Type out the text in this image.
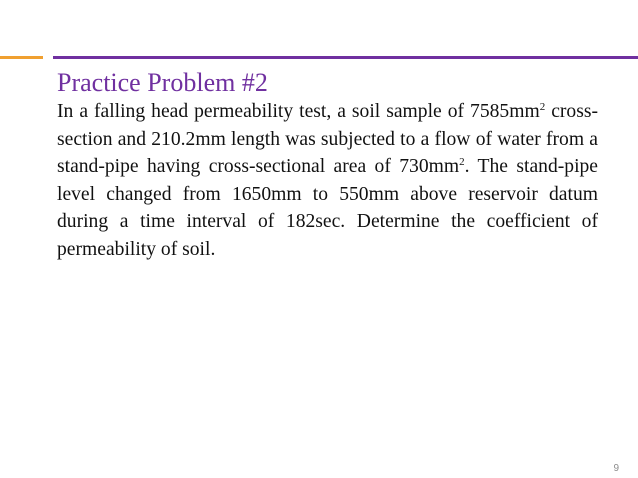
Practice Problem #2

In a falling head permeability test, a soil sample of $7585mm^2$ cross-section and 210.2mm length was subjected to a flow of water from a stand-pipe having cross-sectional area of $730mm^2$. The stand-pipe level changed from 1650mm to 550mm above reservoir datum during a time interval of 182sec. Determine the coefficient of permeability of soil.

9
